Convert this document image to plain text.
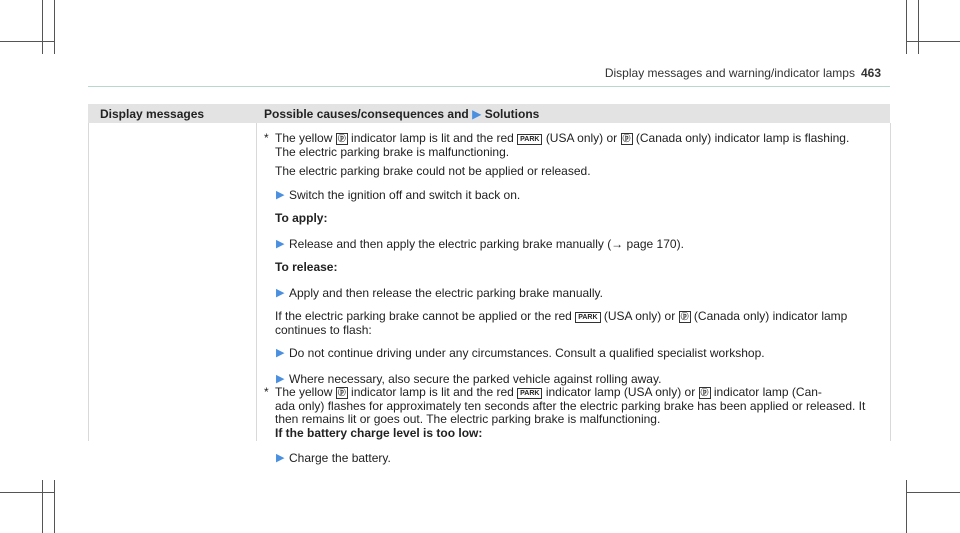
Display messages and warning/indicator lamps 463
Display messages	Possible causes/consequences and ▶ Solutions

* The yellow ⓟ indicator lamp is lit and the red PARK (USA only) or ⓟ (Canada only) indicator lamp is flashing.

The electric parking brake is malfunctioning.

The electric parking brake could not be applied or released.

▶ Switch the ignition off and switch it back on.

To apply:

▶ Release and then apply the electric parking brake manually (→ page 170).

To release:

▶ Apply and then release the electric parking brake manually.

If the electric parking brake cannot be applied or the red PARK (USA only) or ⓟ (Canada only) indicator lamp

continues to flash:

▶ Do not continue driving under any circumstances. Consult a qualified specialist workshop.

▶ Where necessary, also secure the parked vehicle against rolling away.

* The yellow ⓟ indicator lamp is lit and the red PARK indicator lamp (USA only) or ⓟ indicator lamp (Can-

ada only) flashes for approximately ten seconds after the electric parking brake has been applied or released. It

then remains lit or goes out. The electric parking brake is malfunctioning.

If the battery charge level is too low:

▶ Charge the battery.
